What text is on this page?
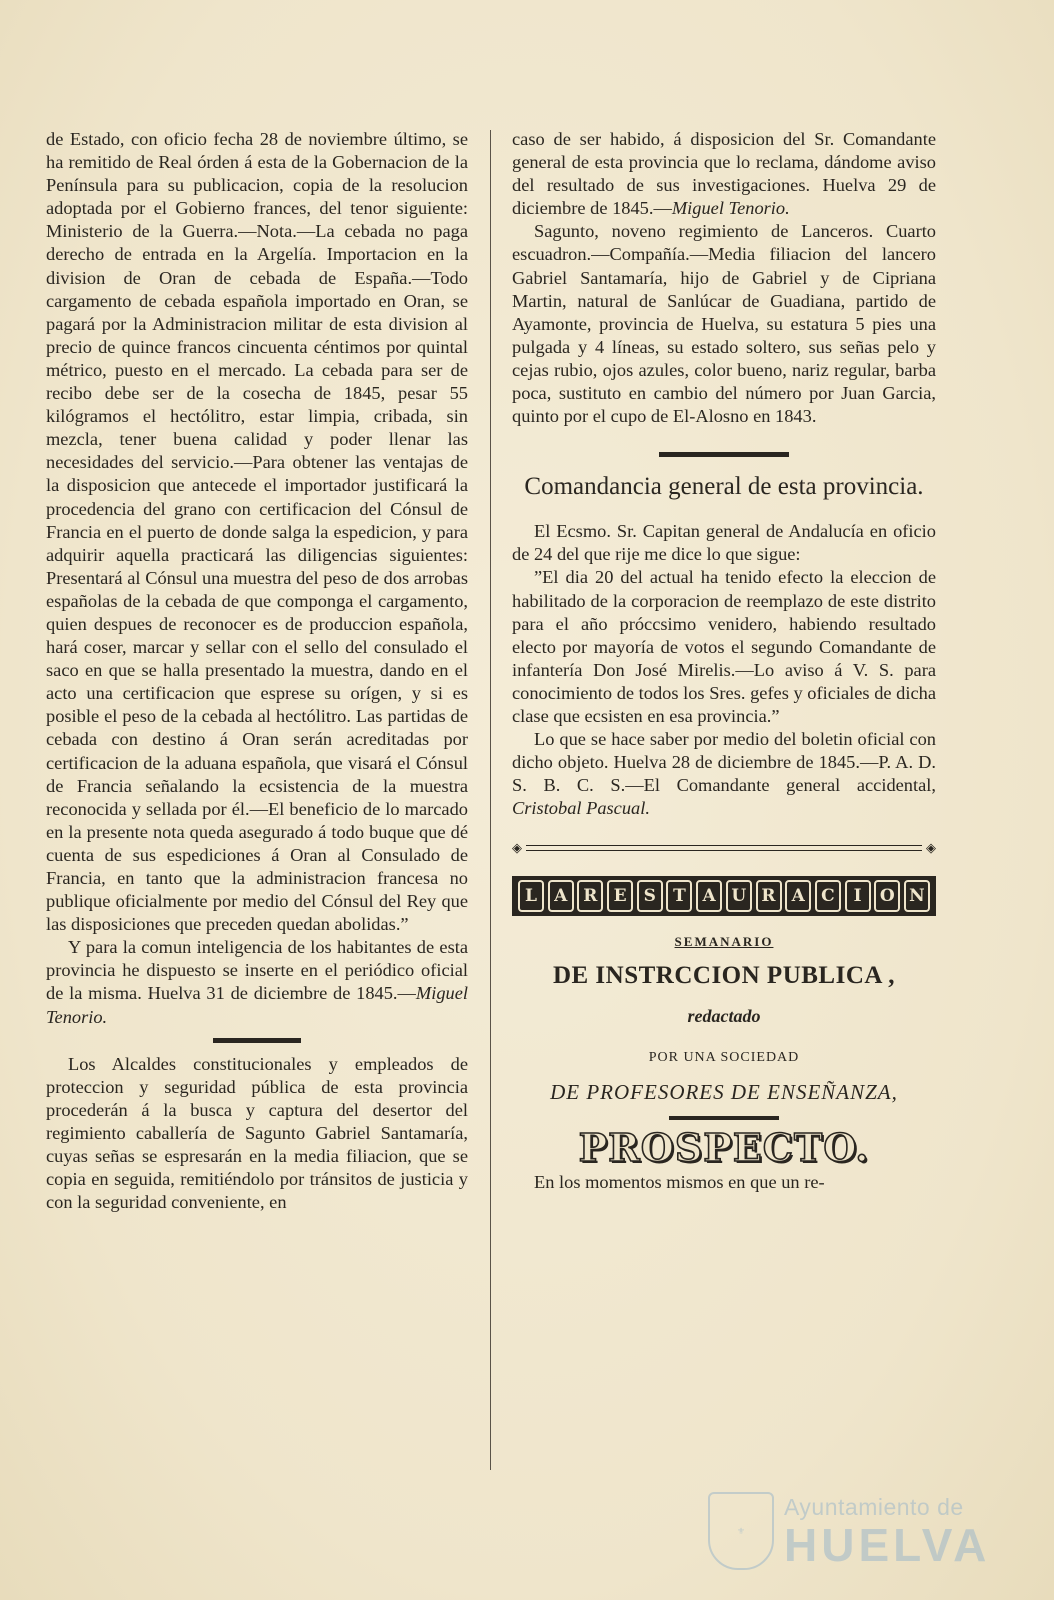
de Estado, con oficio fecha 28 de noviembre último, se ha remitido de Real órden á esta de la Gobernacion de la Península para su publicacion, copia de la resolucion adoptada por el Gobierno frances, del tenor siguiente: Ministerio de la Guerra.—Nota.—La cebada no paga derecho de entrada en la Argelía. Importacion en la division de Oran de cebada de España.—Todo cargamento de cebada española importado en Oran, se pagará por la Administracion militar de esta division al precio de quince francos cincuenta céntimos por quintal métrico, puesto en el mercado. La cebada para ser de recibo debe ser de la cosecha de 1845, pesar 55 kilógramos el hectólitro, estar limpia, cribada, sin mezcla, tener buena calidad y poder llenar las necesidades del servicio.—Para obtener las ventajas de la disposicion que antecede el importador justificará la procedencia del grano con certificacion del Cónsul de Francia en el puerto de donde salga la espedicion, y para adquirir aquella practicará las diligencias siguientes: Presentará al Cónsul una muestra del peso de dos arrobas españolas de la cebada de que componga el cargamento, quien despues de reconocer es de produccion española, hará coser, marcar y sellar con el sello del consulado el saco en que se halla presentado la muestra, dando en el acto una certificacion que esprese su orígen, y si es posible el peso de la cebada al hectólitro. Las partidas de cebada con destino á Oran serán acreditadas por certificacion de la aduana española, que visará el Cónsul de Francia señalando la ecsistencia de la muestra reconocida y sellada por él.—El beneficio de lo marcado en la presente nota queda asegurado á todo buque que dé cuenta de sus espediciones á Oran al Consulado de Francia, en tanto que la administracion francesa no publique oficialmente por medio del Cónsul del Rey que las disposiciones que preceden quedan abolidas.”

Y para la comun inteligencia de los habitantes de esta provincia he dispuesto se inserte en el periódico oficial de la misma. Huelva 31 de diciembre de 1845.—Miguel Tenorio.

Los Alcaldes constitucionales y empleados de proteccion y seguridad pública de esta provincia procederán á la busca y captura del desertor del regimiento caballería de Sagunto Gabriel Santamaría, cuyas señas se espresarán en la media filiacion, que se copia en seguida, remitiéndolo por tránsitos de justicia y con la seguridad conveniente, en

caso de ser habido, á disposicion del Sr. Comandante general de esta provincia que lo reclama, dándome aviso del resultado de sus investigaciones. Huelva 29 de diciembre de 1845.—Miguel Tenorio.

Sagunto, noveno regimiento de Lanceros. Cuarto escuadron.—Compañía.—Media filiacion del lancero Gabriel Santamaría, hijo de Gabriel y de Cipriana Martin, natural de Sanlúcar de Guadiana, partido de Ayamonte, provincia de Huelva, su estatura 5 pies una pulgada y 4 líneas, su estado soltero, sus señas pelo y cejas rubio, ojos azules, color bueno, nariz regular, barba poca, sustituto en cambio del número por Juan Garcia, quinto por el cupo de El-Alosno en 1843.

Comandancia general de esta provincia.

El Ecsmo. Sr. Capitan general de Andalucía en oficio de 24 del que rije me dice lo que sigue:

”El dia 20 del actual ha tenido efecto la eleccion de habilitado de la corporacion de reemplazo de este distrito para el año próccsimo venidero, habiendo resultado electo por mayoría de votos el segundo Comandante de infantería Don José Mirelis.—Lo aviso á V. S. para conocimiento de todos los Sres. gefes y oficiales de dicha clase que ecsisten en esa provincia.”

Lo que se hace saber por medio del boletin oficial con dicho objeto. Huelva 28 de diciembre de 1845.—P. A. D. S. B. C. S.—El Comandante general accidental, Cristobal Pascual.

◈	◈
L	A R E	S	T A U R A C	I	O N

SEMANARIO

DE INSTRCCION PUBLICA ,

redactado

POR UNA SOCIEDAD

DE PROFESORES DE ENSEÑANZA,

PROSPECTO.

En los momentos mismos en que un re-

⚜
Ayuntamiento de
HUELVA
